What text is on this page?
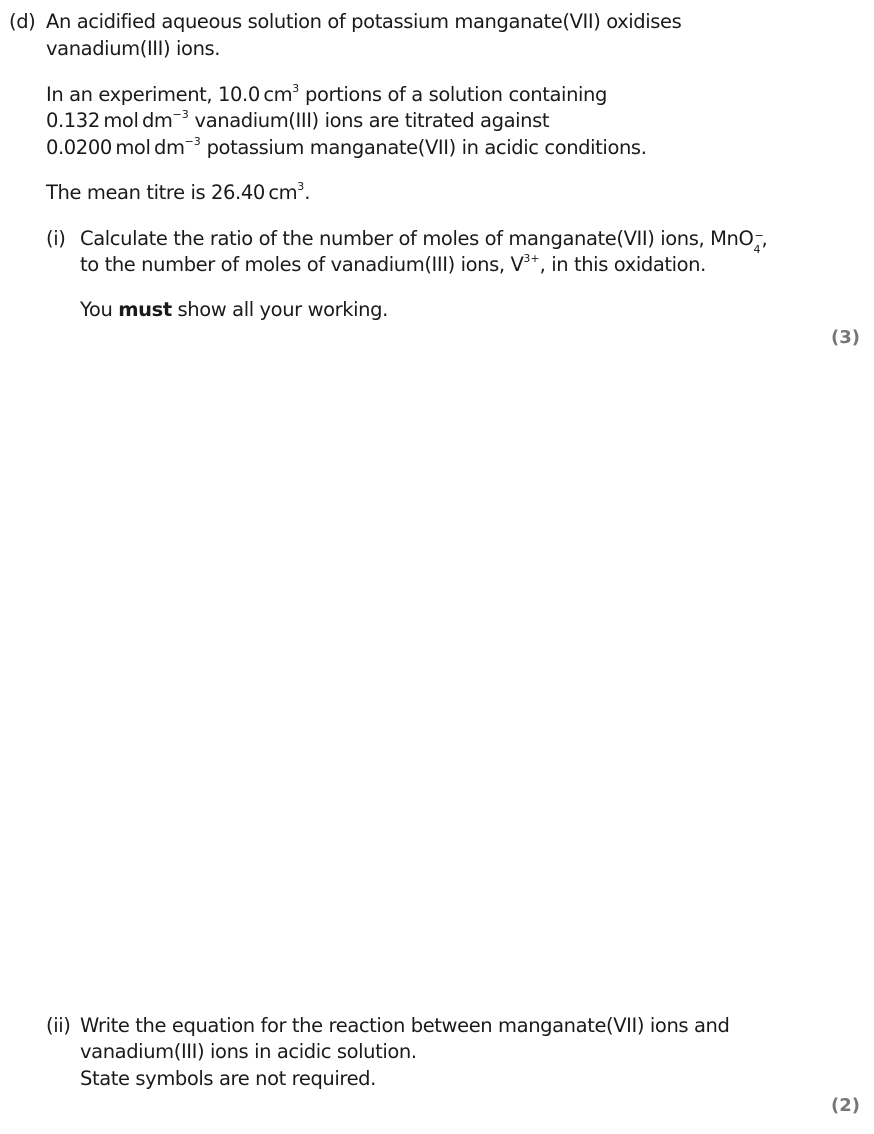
(d) An acidified aqueous solution of potassium manganate(VII) oxidises
vanadium(III) ions.
In an experiment, 10.0 $cm^3$ portions of a solution containing
0.132 mol $dm^{-3}$ vanadium(III) ions are titrated against
0.0200 mol $dm^{-3}$ potassium manganate(VII) in acidic conditions.
The mean titre is 26.40 $cm^3$.
(i) Calculate the ratio of the number of moles of manganate(VII) ions, MnO −
4 ,
to the number of moles of vanadium(III) ions, $V^{3+}$, in this oxidation.
You must show all your working.
(3)
(ii) Write the equation for the reaction between manganate(VII) ions and
vanadium(III) ions in acidic solution.
State symbols are not required.
(2)
